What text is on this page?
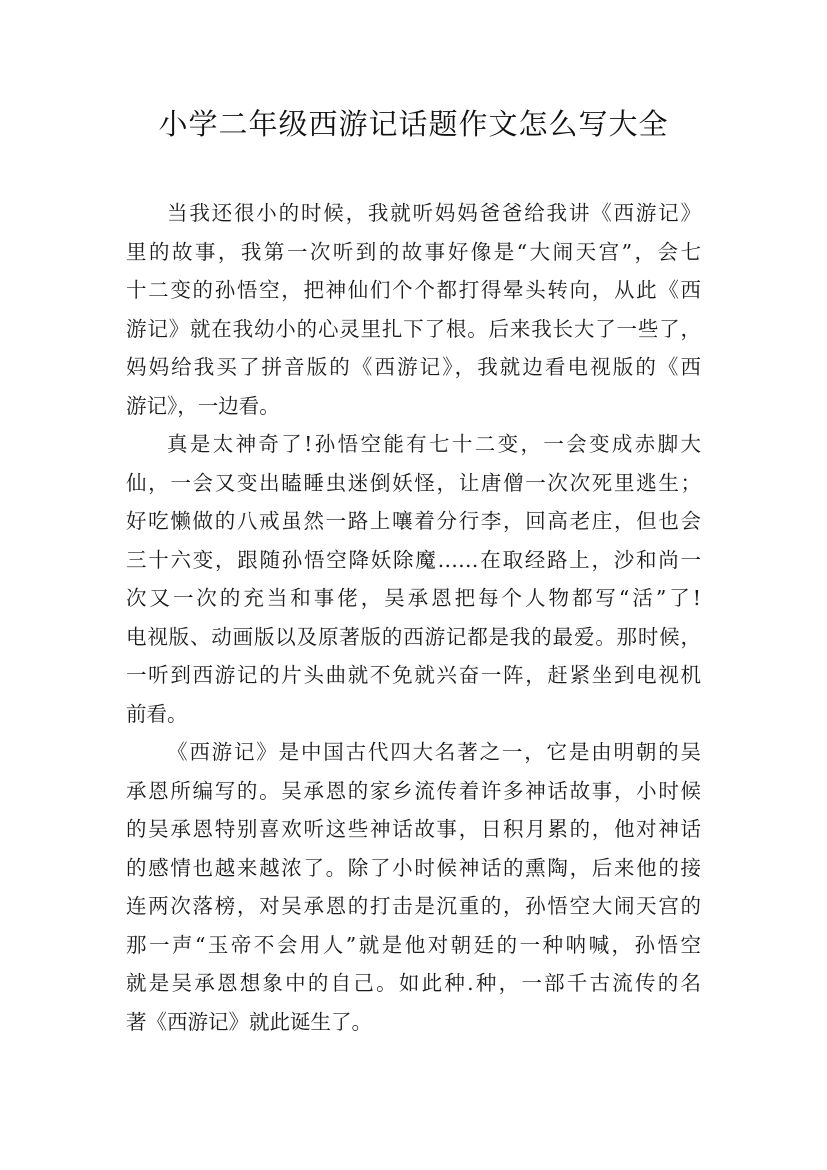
小学二年级西游记话题作文怎么写大全
当我还很小的时候，我就听妈妈爸爸给我讲《西游记》
里的故事，我第一次听到的故事好像是“大闹天宫”，会七
十二变的孙悟空，把神仙们个个都打得晕头转向，从此《西
游记》就在我幼小的心灵里扎下了根。后来我长大了一些了，
妈妈给我买了拼音版的《西游记》，我就边看电视版的《西
游记》，一边看。
真是太神奇了!孙悟空能有七十二变，一会变成赤脚大
仙，一会又变出瞌睡虫迷倒妖怪，让唐僧一次次死里逃生；
好吃懒做的八戒虽然一路上嚷着分行李，回高老庄，但也会
三十六变，跟随孙悟空降妖除魔……在取经路上，沙和尚一
次又一次的充当和事佬，吴承恩把每个人物都写“活”了!
电视版、动画版以及原著版的西游记都是我的最爱。那时候，
一听到西游记的片头曲就不免就兴奋一阵，赶紧坐到电视机
前看。
《西游记》是中国古代四大名著之一，它是由明朝的吴
承恩所编写的。吴承恩的家乡流传着许多神话故事，小时候
的吴承恩特别喜欢听这些神话故事，日积月累的，他对神话
的感情也越来越浓了。除了小时候神话的熏陶，后来他的接
连两次落榜，对吴承恩的打击是沉重的，孙悟空大闹天宫的
那一声“玉帝不会用人”就是他对朝廷的一种呐喊，孙悟空
就是吴承恩想象中的自己。如此种.种，一部千古流传的名
著《西游记》就此诞生了。
